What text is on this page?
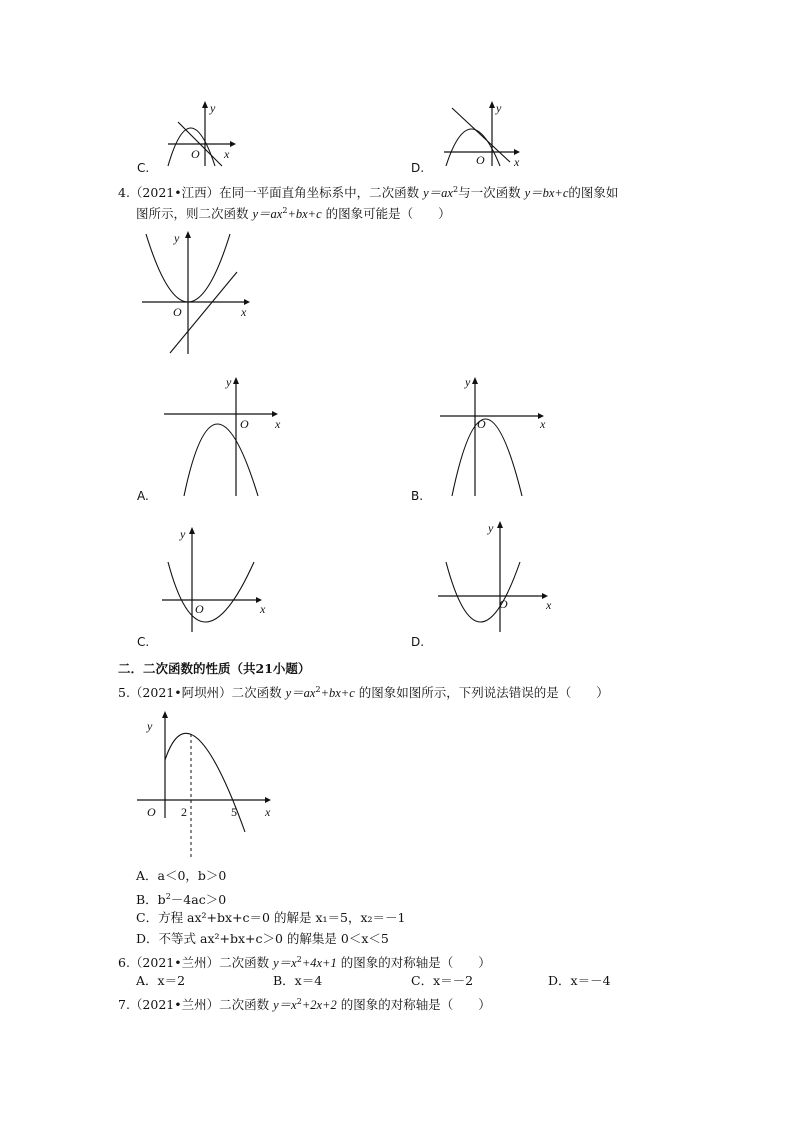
y
O x
C.
y
O x
D.
4.（2021•江西）在同一平面直角坐标系中，二次函数 $y=ax^2$与一次函数 y＝bx+c的图象如
图所示，则二次函数 $y=ax^2+bx+c$ 的图象可能是（　　）
y
O	x
y
O x
A.
y
O	x
B.
y
O	x
C.
y
O	x
D.
二．二次函数的性质（共21小题）
5.（2021•阿坝州）二次函数 $y=ax^2+bx+c$ 的图象如图所示，下列说法错误的是（　　）
y
O 2	5 x
A．a＜0，b＞0
B．$b^2-4ac>0$
C．方程 ax²+bx+c＝0 的解是 x₁＝5，x₂＝－1
D．不等式 ax²+bx+c＞0 的解集是 0＜x＜5
6.（2021•兰州）二次函数 $y=x^2+4x+1$ 的图象的对称轴是（　　）
A．x＝2	B．x＝4	C．x＝－2	D．x＝－4
7.（2021•兰州）二次函数 $y=x^2+2x+2$ 的图象的对称轴是（　　）
